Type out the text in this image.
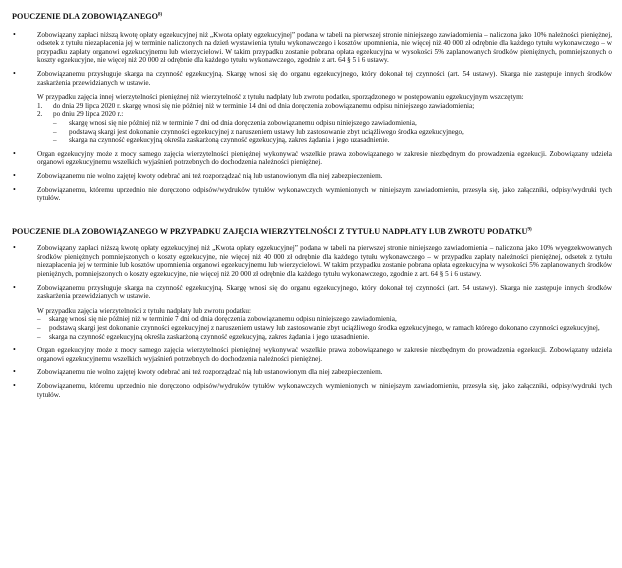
POUCZENIE DLA ZOBOWIĄZANEGO$^{8)}$
•	Zobowiązany zapłaci niższą kwotę opłaty egzekucyjnej niż „Kwota opłaty egzekucyjnej” podana w tabeli na pierwszej stronie niniejszego zawiadomienia – naliczona jako 10% należności pieniężnej, odsetek z tytułu niezapłacenia jej w terminie naliczonych na dzień wystawienia tytułu wykonawczego i kosztów upomnienia, nie więcej niż 40 000 zł odrębnie dla każdego tytułu wykonawczego – w przypadku zapłaty organowi egzekucyjnemu lub wierzycielowi. W takim przypadku zostanie pobrana opłata egzekucyjna w wysokości 5% zaplanowanych środków pieniężnych, pomniejszonych o koszty egzekucyjne, nie więcej niż 20 000 zł odrębnie dla każdego tytułu wykonawczego, zgodnie z art. 64 § 5 i 6 ustawy.
•	Zobowiązanemu przysługuje skarga na czynność egzekucyjną. Skargę wnosi się do organu egzekucyjnego, który dokonał tej czynności (art. 54 ustawy). Skarga nie zastępuje innych środków zaskarżenia przewidzianych w ustawie.
W przypadku zajęcia innej wierzytelności pieniężnej niż wierzytelność z tytułu nadpłaty lub zwrotu podatku, sporządzonego w postępowaniu egzekucyjnym wszczętym:
1.	do dnia 29 lipca 2020 r. skargę wnosi się nie później niż w terminie 14 dni od dnia doręczenia zobowiązanemu odpisu niniejszego zawiadomienia;
2.	po dniu 29 lipca 2020 r.:
–	skargę wnosi się nie później niż w terminie 7 dni od dnia doręczenia zobowiązanemu odpisu niniejszego zawiadomienia,
–	podstawą skargi jest dokonanie czynności egzekucyjnej z naruszeniem ustawy lub zastosowanie zbyt uciążliwego środka egzekucyjnego,
–	skarga na czynność egzekucyjną określa zaskarżoną czynność egzekucyjną, zakres żądania i jego uzasadnienie.
•	Organ egzekucyjny może z mocy samego zajęcia wierzytelności pieniężnej wykonywać wszelkie prawa zobowiązanego w zakresie niezbędnym do prowadzenia egzekucji. Zobowiązany udziela organowi egzekucyjnemu wszelkich wyjaśnień potrzebnych do dochodzenia należności pieniężnej.
•	Zobowiązanemu nie wolno zajętej kwoty odebrać ani też rozporządzać nią lub ustanowionym dla niej zabezpieczeniem.
•	Zobowiązanemu, któremu uprzednio nie doręczono odpisów/wydruków tytułów wykonawczych wymienionych w niniejszym zawiadomieniu, przesyła się, jako załączniki, odpisy/wydruki tych tytułów.
POUCZENIE DLA ZOBOWIĄZANEGO W PRZYPADKU ZAJĘCIA WIERZYTELNOŚCI Z TYTUŁU NADPŁATY LUB ZWROTU PODATKU$^{9)}$
•	Zobowiązany zapłaci niższą kwotę opłaty egzekucyjnej niż „Kwota opłaty egzekucyjnej” podana w tabeli na pierwszej stronie niniejszego zawiadomienia – naliczona jako 10% wyegzekwowanych środków pieniężnych pomniejszonych o koszty egzekucyjne, nie więcej niż 40 000 zł odrębnie dla każdego tytułu wykonawczego – w przypadku zapłaty należności pieniężnej, odsetek z tytułu niezapłacenia jej w terminie lub kosztów upomnienia organowi egzekucyjnemu lub wierzycielowi. W takim przypadku zostanie pobrana opłata egzekucyjna w wysokości 5% zaplanowanych środków pieniężnych, pomniejszonych o koszty egzekucyjne, nie więcej niż 20 000 zł odrębnie dla każdego tytułu wykonawczego, zgodnie z art. 64 § 5 i 6 ustawy.
•	Zobowiązanemu przysługuje skarga na czynność egzekucyjną. Skargę wnosi się do organu egzekucyjnego, który dokonał tej czynności (art. 54 ustawy). Skarga nie zastępuje innych środków zaskarżenia przewidzianych w ustawie.
W przypadku zajęcia wierzytelności z tytułu nadpłaty lub zwrotu podatku:
–	skargę wnosi się nie później niż w terminie 7 dni od dnia doręczenia zobowiązanemu odpisu niniejszego zawiadomienia,
–	podstawą skargi jest dokonanie czynności egzekucyjnej z naruszeniem ustawy lub zastosowanie zbyt uciążliwego środka egzekucyjnego, w ramach którego dokonano czynności egzekucyjnej,
–	skarga na czynność egzekucyjną określa zaskarżoną czynność egzekucyjną, zakres żądania i jego uzasadnienie.
•	Organ egzekucyjny może z mocy samego zajęcia wierzytelności pieniężnej wykonywać wszelkie prawa zobowiązanego w zakresie niezbędnym do prowadzenia egzekucji. Zobowiązany udziela organowi egzekucyjnemu wszelkich wyjaśnień potrzebnych do dochodzenia należności pieniężnej.
•	Zobowiązanemu nie wolno zajętej kwoty odebrać ani też rozporządzać nią lub ustanowionym dla niej zabezpieczeniem.
•	Zobowiązanemu, któremu uprzednio nie doręczono odpisów/wydruków tytułów wykonawczych wymienionych w niniejszym zawiadomieniu, przesyła się, jako załączniki, odpisy/wydruki tych tytułów.
